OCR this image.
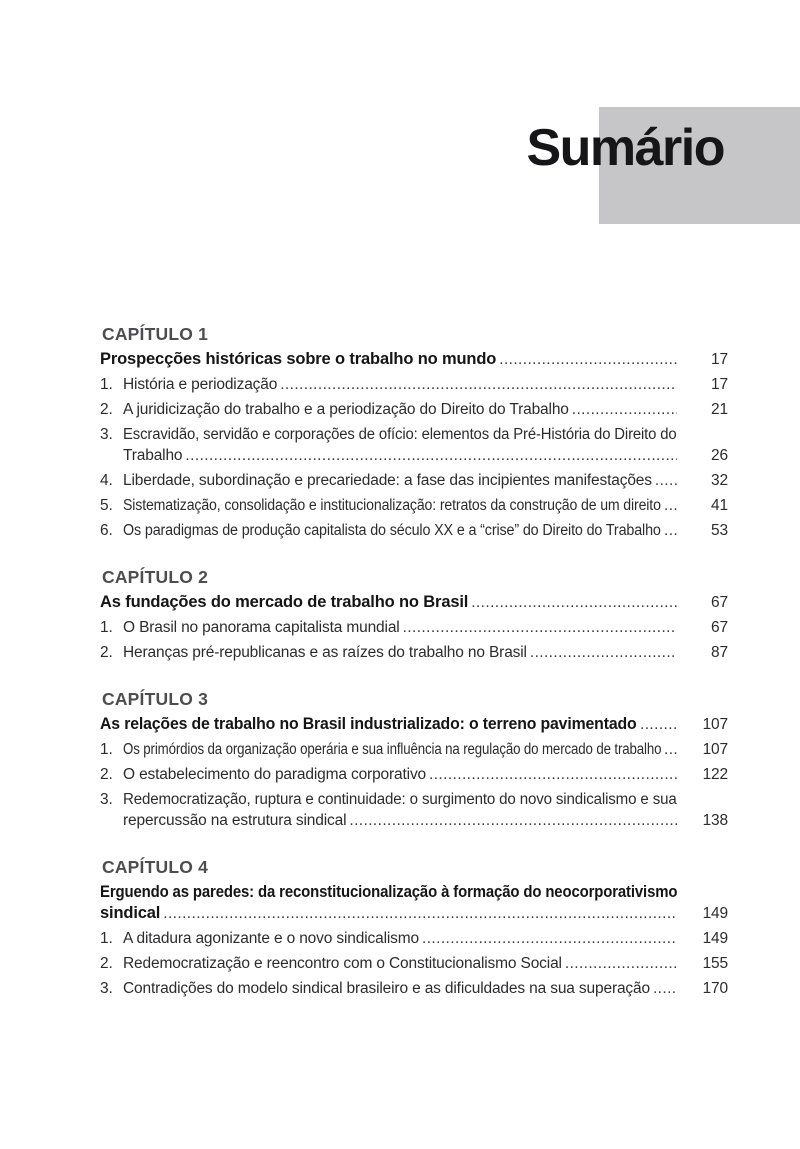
Sumário
CAPÍTULO 1
Prospecções históricas sobre o trabalho no mundo .....	17
1. História e periodização .....	17
2. A juridicização do trabalho e a periodização do Direito do Trabalho .....	21
3. Escravidão, servidão e corporações de ofício: elementos da Pré-História do Direito do
Trabalho .....	26
4. Liberdade, subordinação e precariedade: a fase das incipientes manifestações .....	32
5. Sistematização, consolidação e institucionalização: retratos da construção de um direito .....	41
6. Os paradigmas de produção capitalista do século XX e a “crise” do Direito do Trabalho .....	53
CAPÍTULO 2
As fundações do mercado de trabalho no Brasil .....	67
1. O Brasil no panorama capitalista mundial .....	67
2. Heranças pré-republicanas e as raízes do trabalho no Brasil .....	87
CAPÍTULO 3
As relações de trabalho no Brasil industrializado: o terreno pavimentado .....	107
1. Os primórdios da organização operária e sua influência na regulação do mercado de trabalho .....	107
2. O estabelecimento do paradigma corporativo .....	122
3. Redemocratização, ruptura e continuidade: o surgimento do novo sindicalismo e sua
repercussão na estrutura sindical .....	138
CAPÍTULO 4
Erguendo as paredes: da reconstitucionalização à formação do neocorporativismo
sindical .....	149
1. A ditadura agonizante e o novo sindicalismo .....	149
2. Redemocratização e reencontro com o Constitucionalismo Social .....	155
3. Contradições do modelo sindical brasileiro e as dificuldades na sua superação .....	170
